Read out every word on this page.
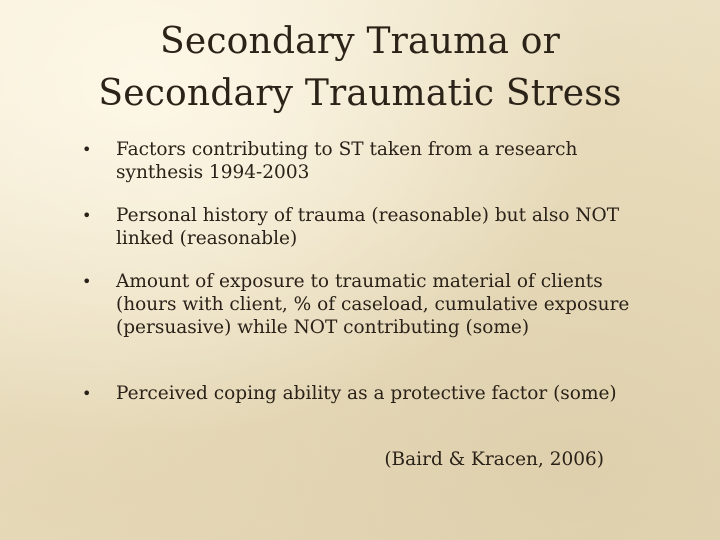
Secondary Trauma or
Secondary Traumatic Stress
• Factors contributing to ST taken from a research synthesis 1994-2003
• Personal history of trauma (reasonable) but also NOT linked (reasonable)
• Amount of exposure to traumatic material of clients (hours with client, % of caseload, cumulative exposure (persuasive) while NOT contributing (some)
• Perceived coping ability as a protective factor (some)
(Baird & Kracen, 2006)
